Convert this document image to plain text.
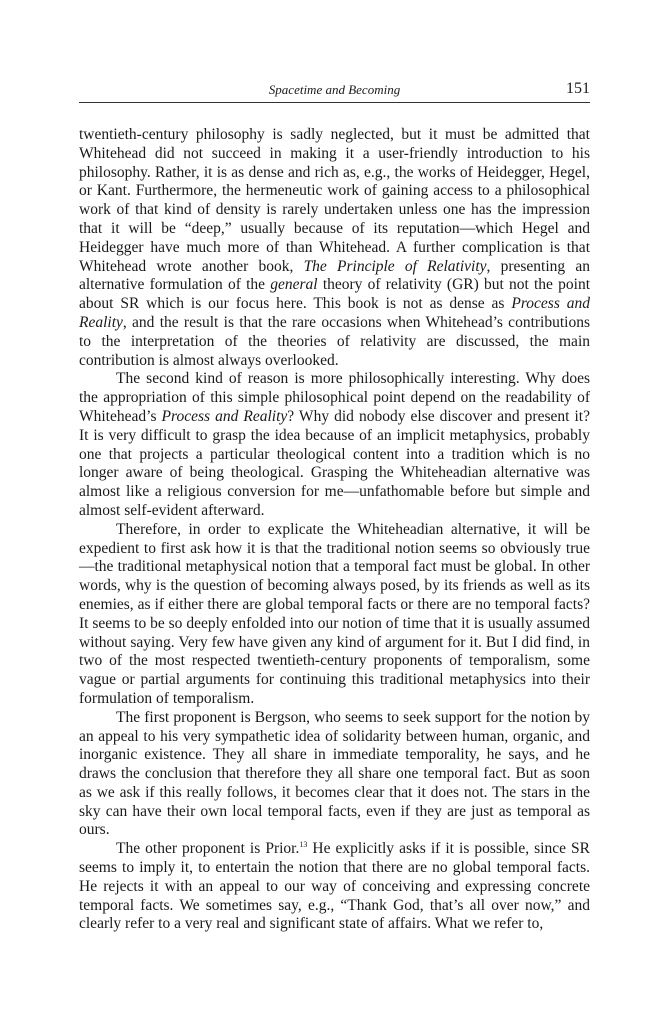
Spacetime and Becoming	151

twentieth-century philosophy is sadly neglected, but it must be admitted that Whitehead did not succeed in making it a user-friendly introduction to his philosophy. Rather, it is as dense and rich as, e.g., the works of Heidegger, Hegel, or Kant. Furthermore, the hermeneutic work of gaining access to a philosophical work of that kind of density is rarely undertaken unless one has the impression that it will be “deep,” usually because of its reputation—which Hegel and Heidegger have much more of than Whitehead. A further complication is that Whitehead wrote another book, The Principle of Relativity, presenting an alternative formulation of the general theory of relativity (GR) but not the point about SR which is our focus here. This book is not as dense as Process and Reality, and the result is that the rare occasions when Whitehead’s contributions to the interpretation of the theories of relativity are discussed, the main contribution is almost always overlooked.

The second kind of reason is more philosophically interesting. Why does the appropriation of this simple philosophical point depend on the readability of Whitehead’s Process and Reality? Why did nobody else discover and present it? It is very difficult to grasp the idea because of an implicit metaphysics, probably one that projects a particular theological content into a tradition which is no longer aware of being theological. Grasping the Whiteheadian alternative was almost like a religious conversion for me—unfathomable before but simple and almost self-evident afterward.

Therefore, in order to explicate the Whiteheadian alternative, it will be expedient to first ask how it is that the traditional notion seems so obviously true—the traditional metaphysical notion that a temporal fact must be global. In other words, why is the question of becoming always posed, by its friends as well as its enemies, as if either there are global temporal facts or there are no temporal facts? It seems to be so deeply enfolded into our notion of time that it is usually assumed without saying. Very few have given any kind of argument for it. But I did find, in two of the most respected twentieth-century proponents of temporalism, some vague or partial arguments for continuing this traditional metaphysics into their formulation of temporalism.

The first proponent is Bergson, who seems to seek support for the notion by an appeal to his very sympathetic idea of solidarity between human, organic, and inorganic existence. They all share in immediate temporality, he says, and he draws the conclusion that therefore they all share one temporal fact. But as soon as we ask if this really follows, it becomes clear that it does not. The stars in the sky can have their own local temporal facts, even if they are just as temporal as ours.

The other proponent is Prior.$^{13}$ He explicitly asks if it is possible, since SR seems to imply it, to entertain the notion that there are no global temporal facts. He rejects it with an appeal to our way of conceiving and expressing concrete temporal facts. We sometimes say, e.g., “Thank God, that’s all over now,” and clearly refer to a very real and significant state of affairs. What we refer to,
